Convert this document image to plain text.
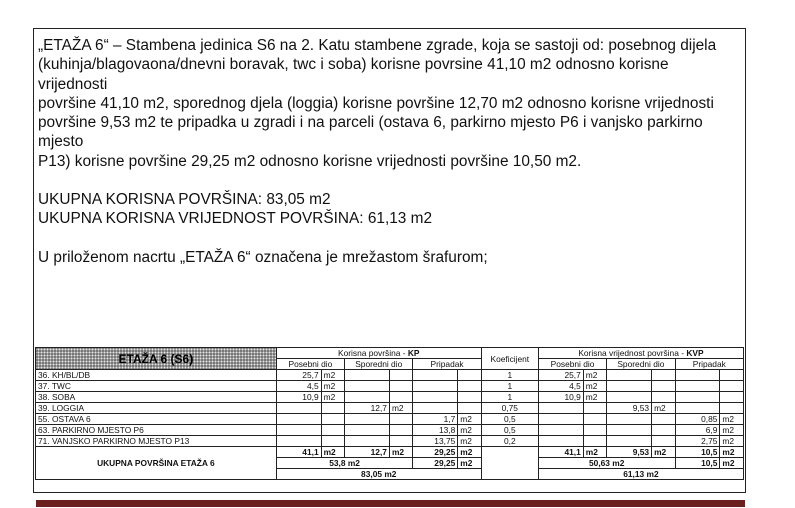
„ETAŽA 6“ – Stambena jedinica S6 na 2. Katu stambene zgrade, koja se sastoji od: posebnog dijela

(kuhinja/blagovaona/dnevni boravak, twc i soba) korisne povrsine 41,10 m2 odnosno korisne vrijednosti

površine 41,10 m2, sporednog djela (loggia) korisne površine 12,70 m2 odnosno korisne vrijednosti

površine 9,53 m2 te pripadka u zgradi i na parceli (ostava 6, parkirno mjesto P6 i vanjsko parkirno mjesto

P13) korisne površine 29,25 m2 odnosno korisne vrijednosti površine 10,50 m2.

UKUPNA KORISNA POVRŠINA: 83,05 m2

UKUPNA KORISNA VRIJEDNOST POVRŠINA: 61,13 m2

U priloženom nacrtu „ETAŽA 6“ označena je mrežastom šrafurom;

ETAŽA 6 (S6)	Korisna površina - KP						Koeficijent	Korisna vrijednost površina - KVP					
	Posebni dio		Sporedni dio		Pripadak			Posebni dio		Sporedni dio		Pripadak	
36. KH/BL/DB	25,7	m2					1	25,7	m2				
37. TWC	4,5	m2					1	4,5	m2				
38. SOBA	10,9	m2					1	10,9	m2				
39. LOGGIA			12,7	m2			0,75			9,53	m2		
55. OSTAVA 6					1,7	m2	0,5					0,85	m2
63. PARKIRNO MJESTO P6					13,8	m2	0,5					6,9	m2
71. VANJSKO PARKIRNO MJESTO P13					13,75	m2	0,2					2,75	m2
UKUPNA POVRŠINA ETAŽA 6	41,1	m2	12,7	m2	29,25	m2		41,1	m2	9,53	m2	10,5	m2
	53,8 m2				29,25	m2		50,63 m2				10,5	m2
	83,05 m2							61,13 m2					
